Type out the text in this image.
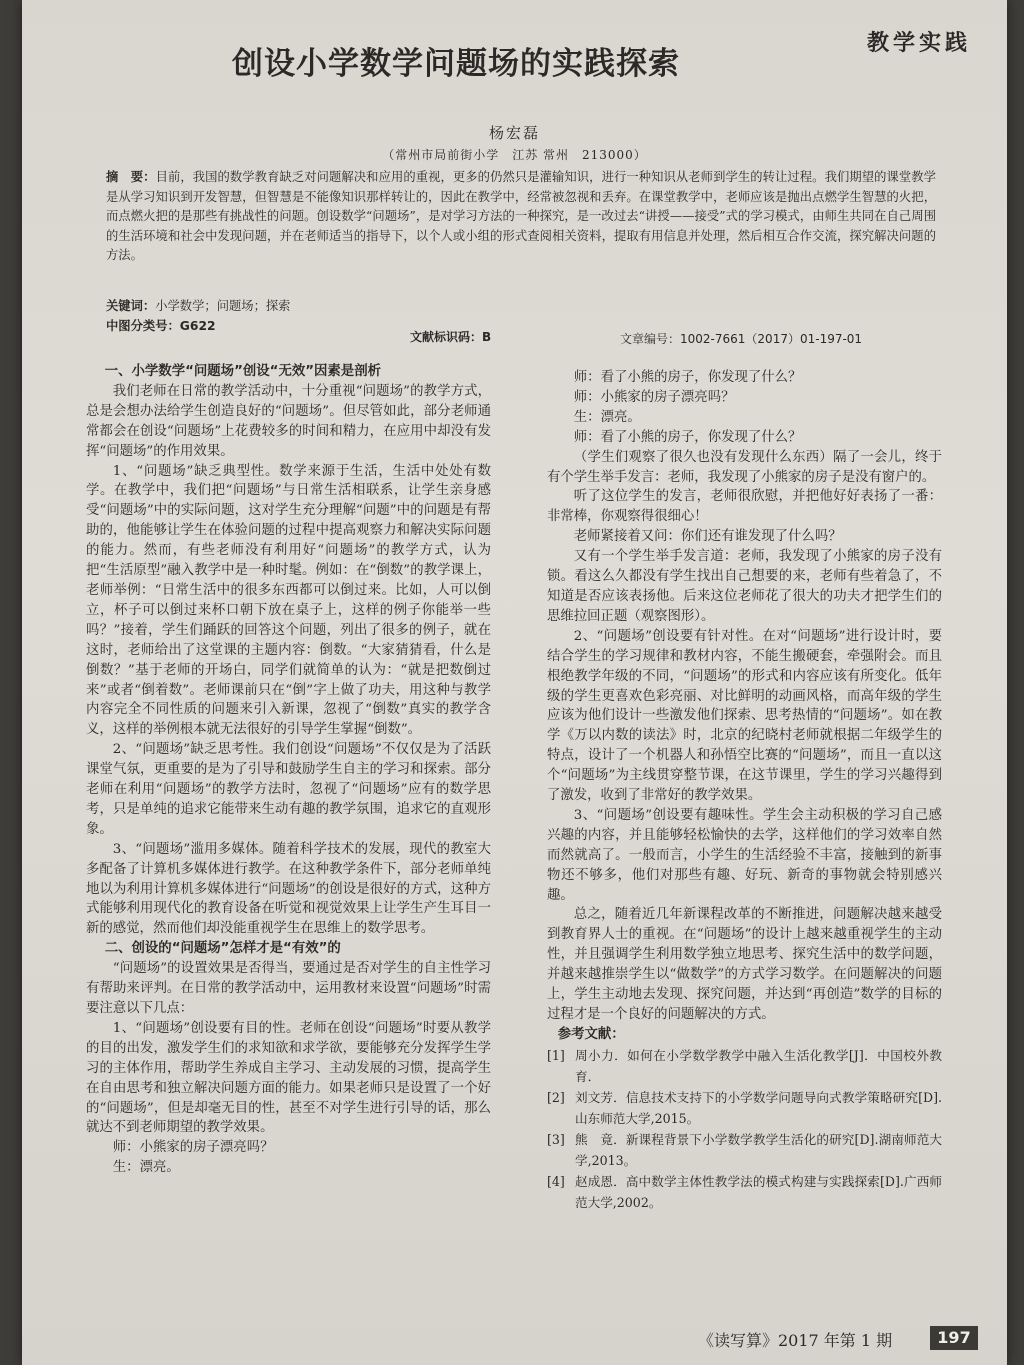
教学实践
创设小学数学问题场的实践探索
杨宏磊
（常州市局前街小学　江苏 常州　213000）
摘　要：目前，我国的数学教育缺乏对问题解决和应用的重视，更多的仍然只是灌输知识，进行一种知识从老师到学生的转让过程。我们期望的课堂教学是从学习知识到开发智慧，但智慧是不能像知识那样转让的，因此在教学中，经常被忽视和丢弃。在课堂教学中，老师应该是抛出点燃学生智慧的火把，而点燃火把的是那些有挑战性的问题。创设数学“问题场”，是对学习方法的一种探究，是一改过去“讲授——接受”式的学习模式，由师生共同在自己周围的生活环境和社会中发现问题，并在老师适当的指导下，以个人或小组的形式查阅相关资料，提取有用信息并处理，然后相互合作交流，探究解决问题的方法。
关键词：小学数学；问题场；探索
中图分类号：G622
文献标识码：B	文章编号：1002-7661（2017）01-197-01

一、小学数学“问题场”创设“无效”因素是剖析

我们老师在日常的教学活动中，十分重视“问题场”的教学方式，总是会想办法给学生创造良好的“问题场”。但尽管如此，部分老师通常都会在创设“问题场”上花费较多的时间和精力，在应用中却没有发挥“问题场”的作用效果。

1、“问题场”缺乏典型性。数学来源于生活，生活中处处有数学。在教学中，我们把“问题场”与日常生活相联系，让学生亲身感受“问题场”中的实际问题，这对学生充分理解“问题”中的问题是有帮助的，他能够让学生在体验问题的过程中提高观察力和解决实际问题的能力。然而，有些老师没有利用好“问题场”的教学方式，认为把“生活原型”融入教学中是一种时髦。例如：在“倒数”的教学课上，老师举例：“日常生活中的很多东西都可以倒过来。比如，人可以倒立，杯子可以倒过来杯口朝下放在桌子上，这样的例子你能举一些吗？”接着，学生们踊跃的回答这个问题，列出了很多的例子，就在这时，老师给出了这堂课的主题内容：倒数。“大家猜猜看，什么是倒数？”基于老师的开场白，同学们就简单的认为：“就是把数倒过来”或者“倒着数”。老师课前只在“倒”字上做了功夫，用这种与教学内容完全不同性质的问题来引入新课，忽视了“倒数”真实的教学含义，这样的举例根本就无法很好的引导学生掌握“倒数”。

2、“问题场”缺乏思考性。我们创设“问题场”不仅仅是为了活跃课堂气氛，更重要的是为了引导和鼓励学生自主的学习和探索。部分老师在利用“问题场”的教学方法时，忽视了“问题场”应有的数学思考，只是单纯的追求它能带来生动有趣的教学氛围，追求它的直观形象。

3、“问题场”滥用多媒体。随着科学技术的发展，现代的教室大多配备了计算机多媒体进行教学。在这种教学条件下，部分老师单纯地以为利用计算机多媒体进行“问题场”的创设是很好的方式，这种方式能够利用现代化的教育设备在听觉和视觉效果上让学生产生耳目一新的感觉，然而他们却没能重视学生在思维上的数学思考。

二、创设的“问题场”怎样才是“有效”的

“问题场”的设置效果是否得当，要通过是否对学生的自主性学习有帮助来评判。在日常的教学活动中，运用教材来设置“问题场”时需要注意以下几点：

1、“问题场”创设要有目的性。老师在创设“问题场”时要从教学的目的出发，激发学生们的求知欲和求学欲，要能够充分发挥学生学习的主体作用，帮助学生养成自主学习、主动发展的习惯，提高学生在自由思考和独立解决问题方面的能力。如果老师只是设置了一个好的“问题场”，但是却毫无目的性，甚至不对学生进行引导的话，那么就达不到老师期望的教学效果。

师：小熊家的房子漂亮吗？

生：漂亮。

师：看了小熊的房子，你发现了什么？

师：小熊家的房子漂亮吗？

生：漂亮。

师：看了小熊的房子，你发现了什么？

（学生们观察了很久也没有发现什么东西）隔了一会儿，终于有个学生举手发言：老师，我发现了小熊家的房子是没有窗户的。

听了这位学生的发言，老师很欣慰，并把他好好表扬了一番：非常棒，你观察得很细心！

老师紧接着又问：你们还有谁发现了什么吗？

又有一个学生举手发言道：老师，我发现了小熊家的房子没有锁。看这么久都没有学生找出自己想要的来，老师有些着急了，不知道是否应该表扬他。后来这位老师花了很大的功夫才把学生们的思维拉回正题（观察图形）。

2、“问题场”创设要有针对性。在对“问题场”进行设计时，要结合学生的学习规律和教材内容，不能生搬硬套，牵强附会。而且根绝教学年级的不同，“问题场”的形式和内容应该有所变化。低年级的学生更喜欢色彩亮丽、对比鲜明的动画风格，而高年级的学生应该为他们设计一些激发他们探索、思考热情的“问题场”。如在教学《万以内数的读法》时，北京的纪晓村老师就根据二年级学生的特点，设计了一个机器人和孙悟空比赛的“问题场”，而且一直以这个“问题场”为主线贯穿整节课，在这节课里，学生的学习兴趣得到了激发，收到了非常好的教学效果。

3、“问题场”创设要有趣味性。学生会主动积极的学习自己感兴趣的内容，并且能够轻松愉快的去学，这样他们的学习效率自然而然就高了。一般而言，小学生的生活经验不丰富，接触到的新事物还不够多，他们对那些有趣、好玩、新奇的事物就会特别感兴趣。

总之，随着近几年新课程改革的不断推进，问题解决越来越受到教育界人士的重视。在“问题场”的设计上越来越重视学生的主动性，并且强调学生利用数学独立地思考、探究生活中的数学问题，并越来越推崇学生以“做数学”的方式学习数学。在问题解决的问题上，学生主动地去发现、探究问题，并达到“再创造”数学的目标的过程才是一个良好的问题解决的方式。

参考文献：

[1] 周小力．如何在小学数学教学中融入生活化教学[J]．中国校外教育．
[2] 刘文芳．信息技术支持下的小学数学问题导向式教学策略研究[D].山东师范大学,2015。
[3] 熊　竟．新课程背景下小学数学教学生活化的研究[D].湖南师范大学,2013。
[4] 赵成恩．高中数学主体性教学法的模式构建与实践探索[D].广西师范大学,2002。
《读写算》2017 年第 1 期	197
